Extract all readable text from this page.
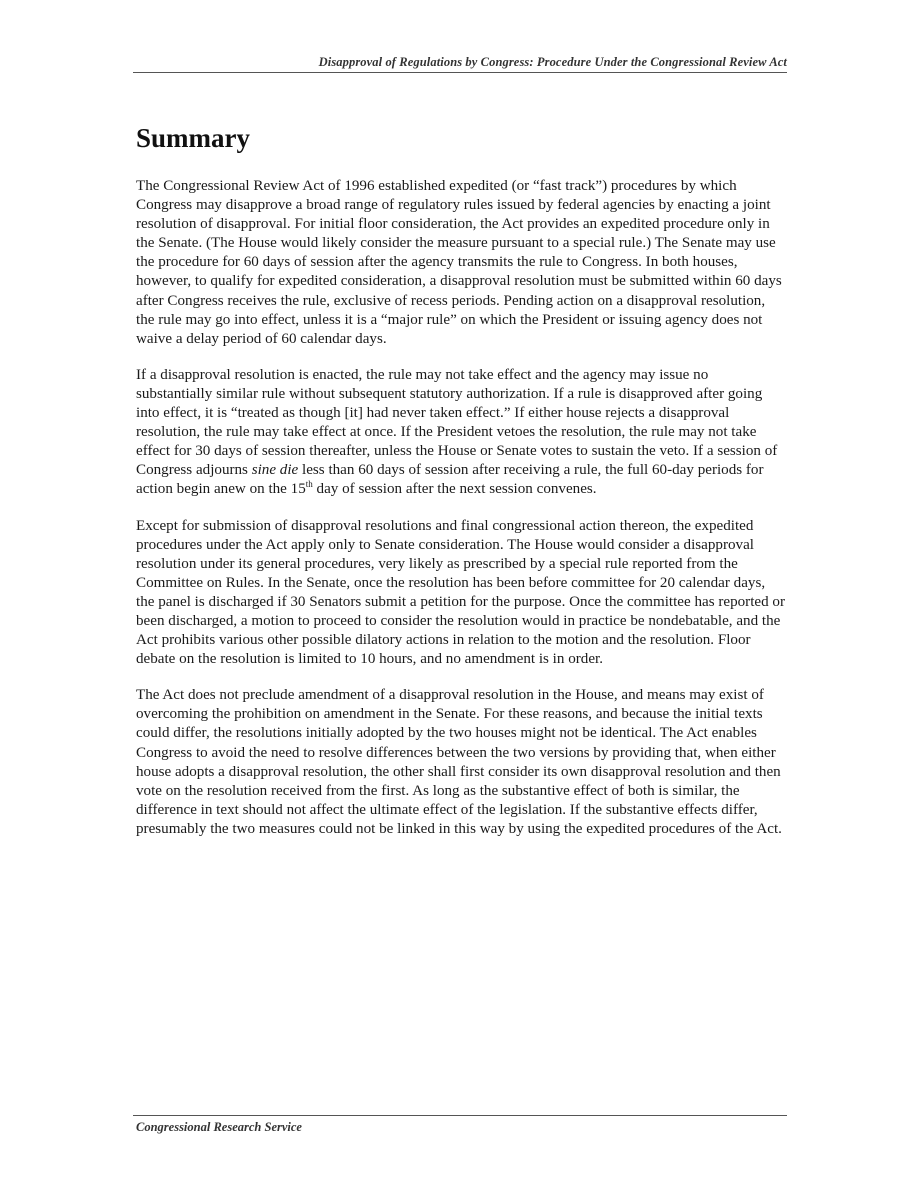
Disapproval of Regulations by Congress: Procedure Under the Congressional Review Act
Summary

The Congressional Review Act of 1996 established expedited (or “fast track”) procedures by which Congress may disapprove a broad range of regulatory rules issued by federal agencies by enacting a joint resolution of disapproval. For initial floor consideration, the Act provides an expedited procedure only in the Senate. (The House would likely consider the measure pursuant to a special rule.) The Senate may use the procedure for 60 days of session after the agency transmits the rule to Congress. In both houses, however, to qualify for expedited consideration, a disapproval resolution must be submitted within 60 days after Congress receives the rule, exclusive of recess periods. Pending action on a disapproval resolution, the rule may go into effect, unless it is a “major rule” on which the President or issuing agency does not waive a delay period of 60 calendar days.

If a disapproval resolution is enacted, the rule may not take effect and the agency may issue no substantially similar rule without subsequent statutory authorization. If a rule is disapproved after going into effect, it is “treated as though [it] had never taken effect.” If either house rejects a disapproval resolution, the rule may take effect at once. If the President vetoes the resolution, the rule may not take effect for 30 days of session thereafter, unless the House or Senate votes to sustain the veto. If a session of Congress adjourns sine die less than 60 days of session after receiving a rule, the full 60-day periods for action begin anew on the 15th day of session after the next session convenes.

Except for submission of disapproval resolutions and final congressional action thereon, the expedited procedures under the Act apply only to Senate consideration. The House would consider a disapproval resolution under its general procedures, very likely as prescribed by a special rule reported from the Committee on Rules. In the Senate, once the resolution has been before committee for 20 calendar days, the panel is discharged if 30 Senators submit a petition for the purpose. Once the committee has reported or been discharged, a motion to proceed to consider the resolution would in practice be nondebatable, and the Act prohibits various other possible dilatory actions in relation to the motion and the resolution. Floor debate on the resolution is limited to 10 hours, and no amendment is in order.

The Act does not preclude amendment of a disapproval resolution in the House, and means may exist of overcoming the prohibition on amendment in the Senate. For these reasons, and because the initial texts could differ, the resolutions initially adopted by the two houses might not be identical. The Act enables Congress to avoid the need to resolve differences between the two versions by providing that, when either house adopts a disapproval resolution, the other shall first consider its own disapproval resolution and then vote on the resolution received from the first. As long as the substantive effect of both is similar, the difference in text should not affect the ultimate effect of the legislation. If the substantive effects differ, presumably the two measures could not be linked in this way by using the expedited procedures of the Act.

Congressional Research Service
